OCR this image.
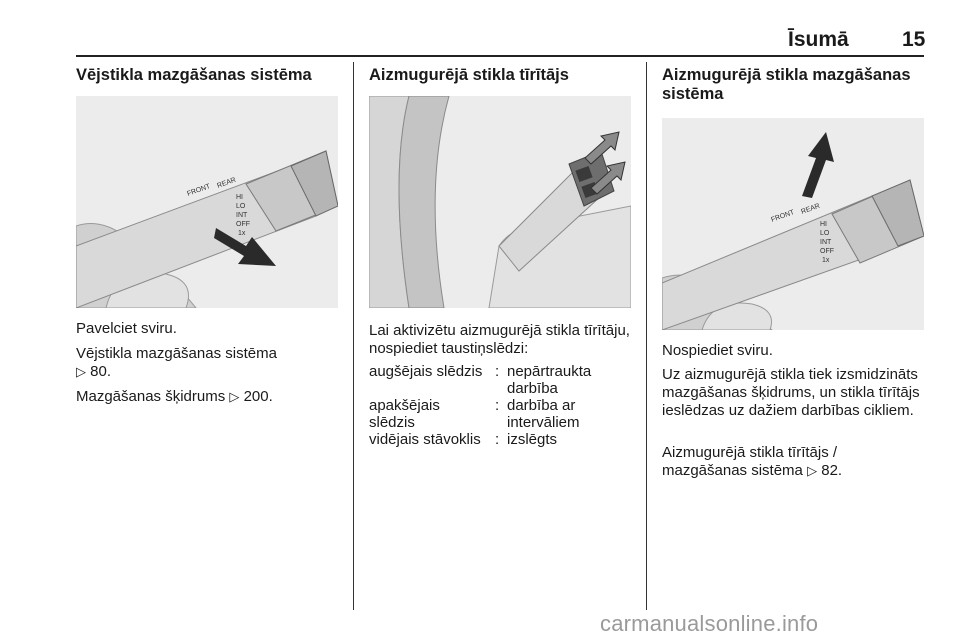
Īsumā	15
Vējstikla mazgāšanas sistēma
FRONT REAR
HI
LO
INT
OFF
1x

Pavelciet sviru.

Vējstikla mazgāšanas sistēma
▷ 80.

Mazgāšanas šķidrums ▷ 200.

Aizmugurējā stikla tīrītājs

Lai aktivizētu aizmugurējā stikla tīrītāju, nospiediet taustiņslēdzi:

augšējais slēdzis : nepārtraukta darbība
apakšējais slēdzis
: darbība ar intervāliem
vidējais stāvoklis : izslēgts
Aizmugurējā stikla mazgāšanas sistēma
FRONT REAR
HI
LO
INT
OFF
1x

Nospiediet sviru.

Uz aizmugurējā stikla tiek izsmidzināts mazgāšanas šķidrums, un stikla tīrītājs ieslēdzas uz dažiem darbības cikliem.

Aizmugurējā stikla tīrītājs / mazgāšanas sistēma ▷ 82.

carmanualsonline.info
